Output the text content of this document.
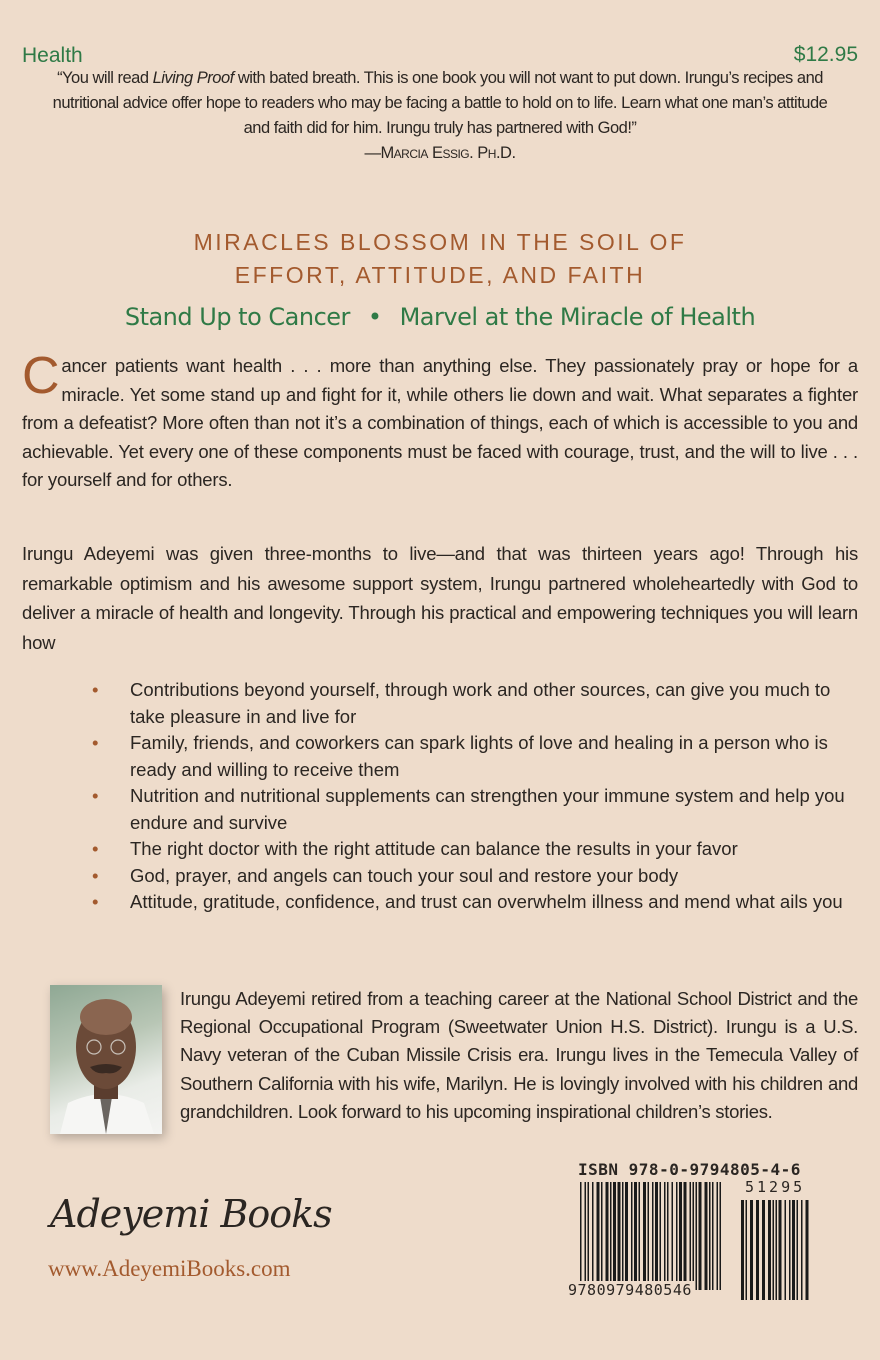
Health	$12.95
“You will read Living Proof with bated breath. This is one book you will not want to put down. Irungu’s recipes and nutritional advice offer hope to readers who may be facing a battle to hold on to life. Learn what one man’s attitude and faith did for him. Irungu truly has partnered with God!”
—Marcia Essig. Ph.D.
MIRACLES BLOSSOM IN THE SOIL OF
EFFORT, ATTITUDE, AND FAITH
Stand Up to Cancer • Marvel at the Miracle of Health
Cancer patients want health . . . more than anything else. They passionately pray or hope for a miracle. Yet some stand up and fight for it, while others lie down and wait. What separates a fighter from a defeatist? More often than not it’s a combination of things, each of which is accessible to you and achievable. Yet every one of these components must be faced with courage, trust, and the will to live . . . for yourself and for others.
Irungu Adeyemi was given three-months to live—and that was thirteen years ago! Through his remarkable optimism and his awesome support system, Irungu partnered wholeheartedly with God to deliver a miracle of health and longevity. Through his practical and empowering techniques you will learn how
• Contributions beyond yourself, through work and other sources, can give you much to take pleasure in and live for
• Family, friends, and coworkers can spark lights of love and healing in a person who is ready and willing to receive them
• Nutrition and nutritional supplements can strengthen your immune system and help you endure and survive
• The right doctor with the right attitude can balance the results in your favor
• God, prayer, and angels can touch your soul and restore your body
• Attitude, gratitude, confidence, and trust can overwhelm illness and mend what ails you
Irungu Adeyemi retired from a teaching career at the National School District and the Regional Occupational Program (Sweetwater Union H.S. District). Irungu is a U.S. Navy veteran of the Cuban Missile Crisis era. Irungu lives in the Temecula Valley of Southern California with his wife, Marilyn. He is lovingly involved with his children and grandchildren. Look forward to his upcoming inspirational children’s stories.
Adeyemi Books
www.AdeyemiBooks.com
ISBN 978-0-9794805-4-6
51295
9780979480546
